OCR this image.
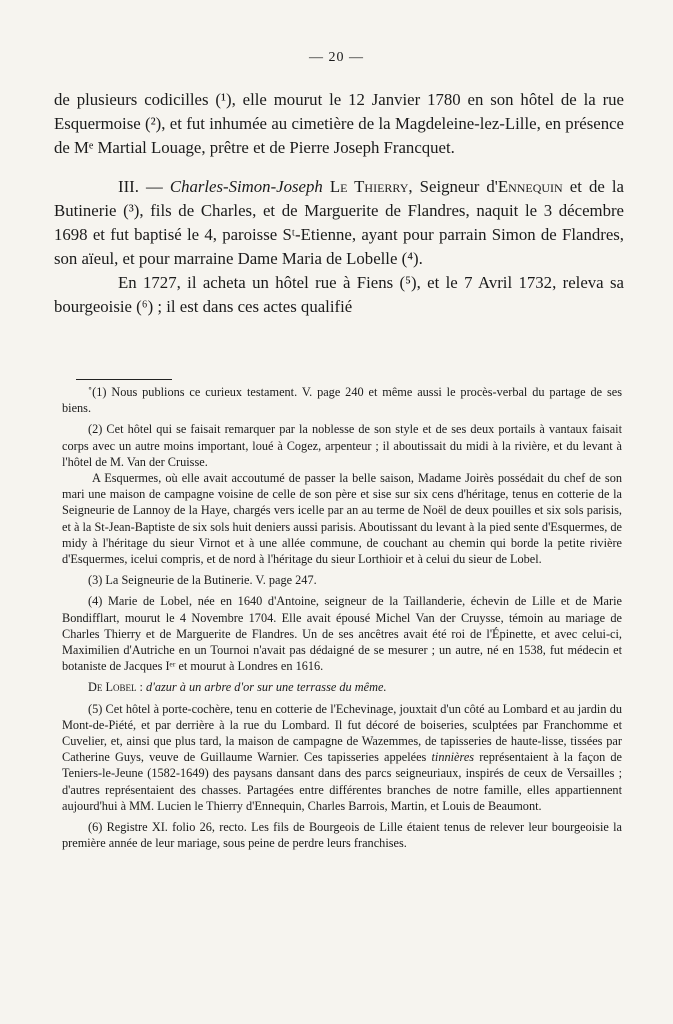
— 20 —

de plusieurs codicilles (¹), elle mourut le 12 Janvier 1780 en son hôtel de la rue Esquermoise (²), et fut inhumée au cimetière de la Magdeleine-lez-Lille, en présence de Mᵉ Martial Louage, prêtre et de Pierre Joseph Francquet.

III. — Charles-Simon-Joseph Le Thierry, Seigneur d'Ennequin et de la Butinerie (³), fils de Charles, et de Marguerite de Flandres, naquit le 3 décembre 1698 et fut baptisé le 4, paroisse Sᵗ-Etienne, ayant pour parrain Simon de Flandres, son aïeul, et pour marraine Dame Maria de Lobelle (⁴).

En 1727, il acheta un hôtel rue à Fiens (⁵), et le 7 Avril 1732, releva sa bourgeoisie (⁶) ; il est dans ces actes qualifié

˚(1) Nous publions ce curieux testament. V. page 240 et même aussi le procès-verbal du partage de ses biens.

(2) Cet hôtel qui se faisait remarquer par la noblesse de son style et de ses deux portails à vantaux faisait corps avec un autre moins important, loué à Cogez, arpenteur ; il aboutissait du midi à la rivière, et du levant à l'hôtel de M. Van der Cruisse.

A Esquermes, où elle avait accoutumé de passer la belle saison, Madame Joirès possédait du chef de son mari une maison de campagne voisine de celle de son père et sise sur six cens d'héritage, tenus en cotterie de la Seigneurie de Lannoy de la Haye, chargés vers icelle par an au terme de Noël de deux pouilles et six sols parisis, et à la St-Jean-Baptiste de six sols huit deniers aussi parisis. Aboutissant du levant à la pied sente d'Esquermes, de midy à l'héritage du sieur Virnot et à une allée commune, de couchant au chemin qui borde la petite rivière d'Esquermes, icelui compris, et de nord à l'héritage du sieur Lorthioir et à celui du sieur de Lobel.

(3) La Seigneurie de la Butinerie. V. page 247.

(4) Marie de Lobel, née en 1640 d'Antoine, seigneur de la Taillanderie, échevin de Lille et de Marie Bondifflart, mourut le 4 Novembre 1704. Elle avait épousé Michel Van der Cruysse, témoin au mariage de Charles Thierry et de Marguerite de Flandres. Un de ses ancêtres avait été roi de l'Épinette, et avec celui-ci, Maximilien d'Autriche en un Tournoi n'avait pas dédaigné de se mesurer ; un autre, né en 1538, fut médecin et botaniste de Jacques Iᵉʳ et mourut à Londres en 1616.

De Lobel : d'azur à un arbre d'or sur une terrasse du même.

(5) Cet hôtel à porte-cochère, tenu en cotterie de l'Echevinage, jouxtait d'un côté au Lombard et au jardin du Mont-de-Piété, et par derrière à la rue du Lombard. Il fut décoré de boiseries, sculptées par Franchomme et Cuvelier, et, ainsi que plus tard, la maison de campagne de Wazemmes, de tapisseries de haute-lisse, tissées par Catherine Guys, veuve de Guillaume Warnier. Ces tapisseries appelées tinnières représentaient à la façon de Teniers-le-Jeune (1582-1649) des paysans dansant dans des parcs seigneuriaux, inspirés de ceux de Versailles ; d'autres représentaient des chasses. Partagées entre différentes branches de notre famille, elles appartiennent aujourd'hui à MM. Lucien le Thierry d'Ennequin, Charles Barrois, Martin, et Louis de Beaumont.

(6) Registre XI. folio 26, recto. Les fils de Bourgeois de Lille étaient tenus de relever leur bourgeoisie la première année de leur mariage, sous peine de perdre leurs franchises.
